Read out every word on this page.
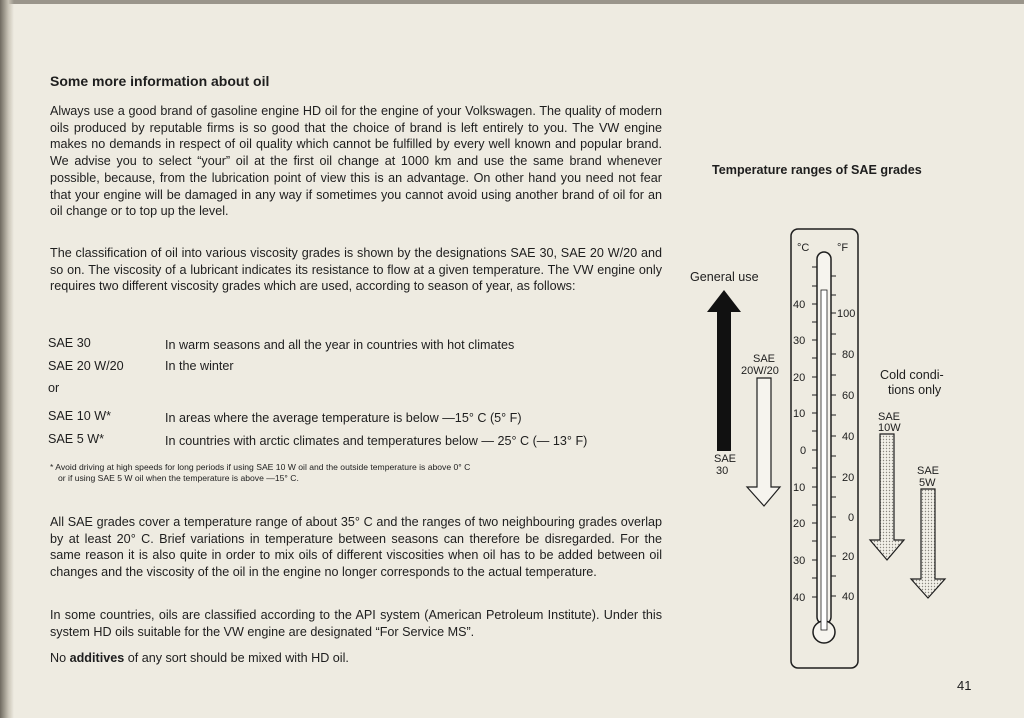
Some more information about oil

Always use a good brand of gasoline engine HD oil for the engine of your Volkswagen. The quality of modern oils produced by reputable firms is so good that the choice of brand is left entirely to you. The VW engine makes no demands in respect of oil quality which cannot be fulfilled by every well known and popular brand. We advise you to select “your” oil at the first oil change at 1000 km and use the same brand whenever possible, because, from the lubrication point of view this is an advantage. On other hand you need not fear that your engine will be damaged in any way if sometimes you cannot avoid using another brand of oil for an oil change or to top up the level.

The classification of oil into various viscosity grades is shown by the designations SAE 30, SAE 20 W/20 and so on. The viscosity of a lubricant indicates its resistance to flow at a given temperature. The VW engine only requires two different viscosity grades which are used, according to season of year, as follows:

SAE 30	In warm seasons and all the year in countries with hot climates
SAE 20 W/20	In the winter
or
SAE 10 W*	In areas where the average temperature is below —15° C (5° F)
SAE 5 W*	In countries with arctic climates and temperatures below — 25° C (— 13° F)

* Avoid driving at high speeds for long periods if using SAE 10 W oil and the outside temperature is above 0° C
or if using SAE 5 W oil when the temperature is above —15° C.

All SAE grades cover a temperature range of about 35° C and the ranges of two neighbouring grades overlap by at least 20° C. Brief variations in temperature between seasons can therefore be disregarded. For the same reason it is also quite in order to mix oils of different viscosities when oil has to be added between oil changes and the viscosity of the oil in the engine no longer corresponds to the actual temperature.

In some countries, oils are classified according to the API system (American Petroleum Institute). Under this system HD oils suitable for the VW engine are designated “For Service MS”.

No additives of any sort should be mixed with HD oil.

Temperature ranges of SAE grades
°C	°F
40
30
20
10
0
10
20
30
40
100
80
60
40
20
0
20
40
General use
SAE
30
SAE
20W/20	Cold condi-
tions only
SAE
10W
SAE
5W
41
